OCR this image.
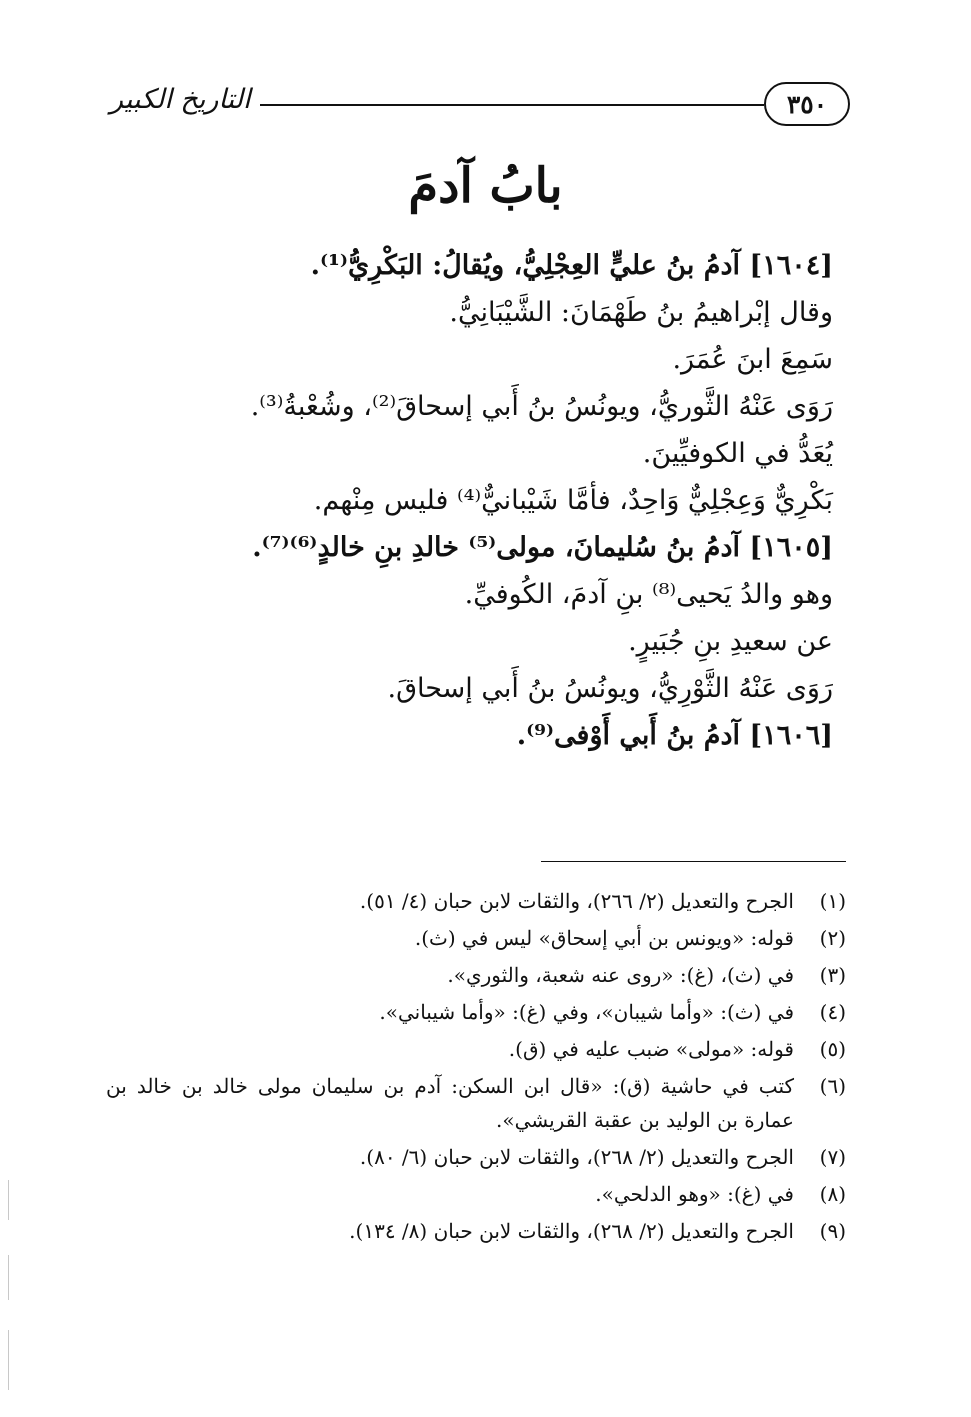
٣٥٠
التاريخ الكبير
بابُ آدمَ
[١٦٠٤] آدمُ بنُ عليٍّ العِجْلِيُّ، ويُقالُ: البَكْرِيُّ⁽¹⁾.
وقال إبْراهيمُ بنُ طَهْمَانَ: الشَّيْبَانِيُّ.
سَمِعَ ابنَ عُمَرَ.
رَوَى عَنْهُ الثَّوريُّ، ويونُسُ بنُ أَبي إسحاقَ⁽²⁾، وشُعْبةُ⁽³⁾.
يُعَدُّ في الكوفيِّينَ.
بَكْرِيٌّ وَعِجْلِيٌّ وَاحِدٌ، فأمَّا شَيْبانيٌّ⁽⁴⁾ فليس مِنْهم.
[١٦٠٥] آدمُ بنُ سُليمانَ، مولى⁽⁵⁾ خالدِ بنِ خالدٍ⁽⁶⁾⁽⁷⁾.
وهو والدُ يَحيى⁽⁸⁾ بنِ آدمَ، الكُوفيِّ.
عن سعيدِ بنِ جُبَيرٍ.
رَوَى عَنْهُ الثَّوْرِيُّ، ويونُسُ بنُ أَبي إسحاقَ.
[١٦٠٦] آدمُ بنُ أَبي أَوْفى⁽⁹⁾.
(١)
الجرح والتعديل (٢/ ٢٦٦)، والثقات لابن حبان (٤/ ٥١).
(٢)
قوله: «ويونس بن أبي إسحاق» ليس في (ث).
(٣)
في (ث)، (غ): «روى عنه شعبة، والثوري».
(٤)
في (ث): «وأما شيبان»، وفي (غ): «وأما شيباني».
(٥)
قوله: «مولى» ضبب عليه في (ق).
(٦)
كتب في حاشية (ق): «قال ابن السكن: آدم بن سليمان مولى خالد بن خالد بن عمارة بن الوليد بن عقبة القريشي».
(٧)
الجرح والتعديل (٢/ ٢٦٨)، والثقات لابن حبان (٦/ ٨٠).
(٨)
في (غ): «وهو الدلحي».
(٩)
الجرح والتعديل (٢/ ٢٦٨)، والثقات لابن حبان (٨/ ١٣٤).
